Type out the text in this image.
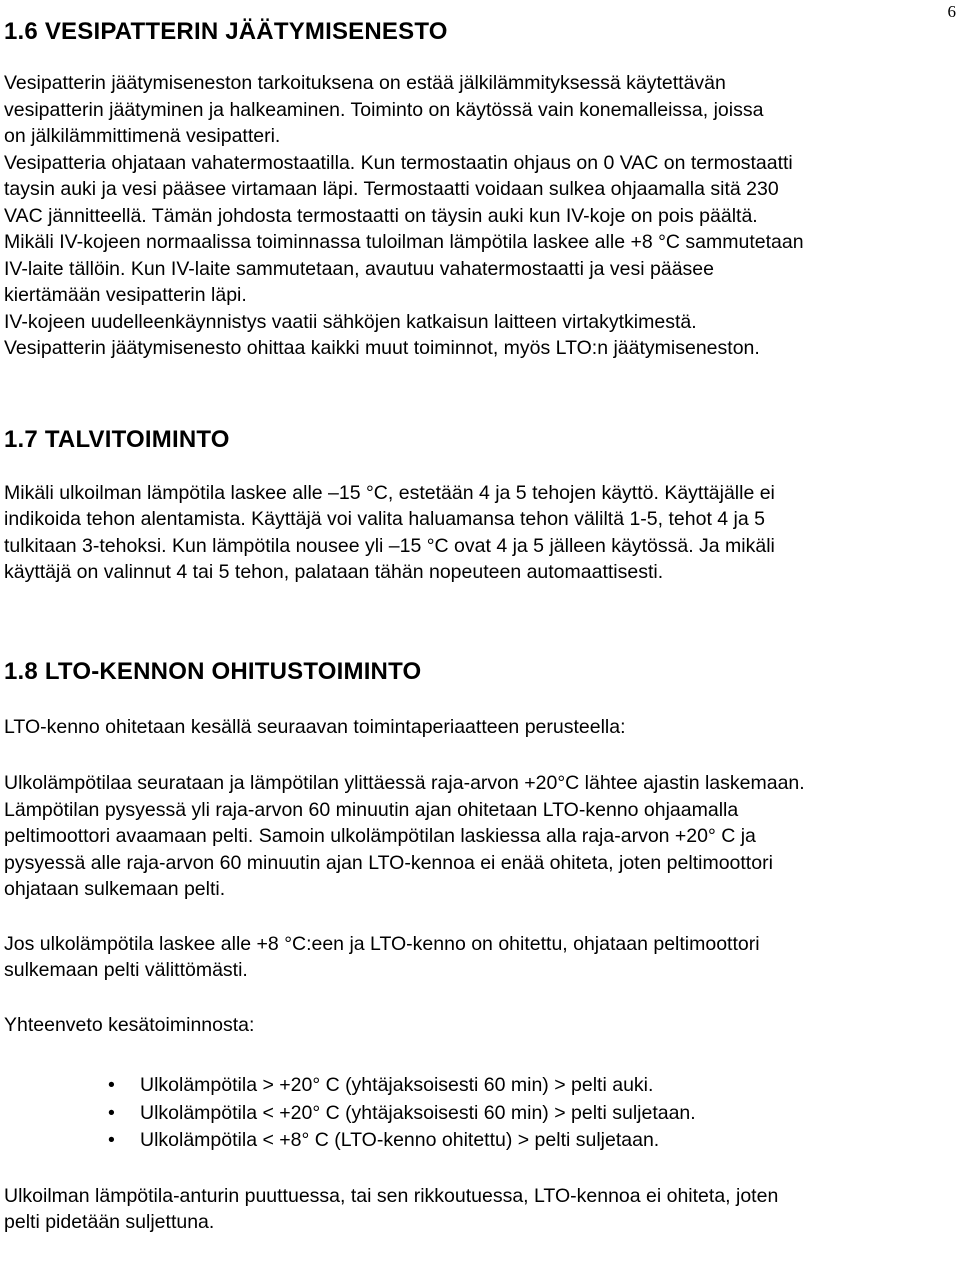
6
1.6 VESIPATTERIN JÄÄTYMISENESTO

Vesipatterin jäätymiseneston tarkoituksena on estää jälkilämmityksessä käytettävän
vesipatterin jäätyminen ja halkeaminen. Toiminto on käytössä vain konemalleissa, joissa
on jälkilämmittimenä vesipatteri.
Vesipatteria ohjataan vahatermostaatilla. Kun termostaatin ohjaus on 0 VAC on termostaatti
taysin auki ja vesi pääsee virtamaan läpi. Termostaatti voidaan sulkea ohjaamalla sitä 230
VAC jännitteellä. Tämän johdosta termostaatti on täysin auki kun IV-koje on pois päältä.
Mikäli IV-kojeen normaalissa toiminnassa tuloilman lämpötila laskee alle +8 °C sammutetaan
IV-laite tällöin. Kun IV-laite sammutetaan, avautuu vahatermostaatti ja vesi pääsee
kiertämään vesipatterin läpi.
IV-kojeen uudelleenkäynnistys vaatii sähköjen katkaisun laitteen virtakytkimestä.
Vesipatterin jäätymisenesto ohittaa kaikki muut toiminnot, myös LTO:n jäätymiseneston.

1.7 TALVITOIMINTO

Mikäli ulkoilman lämpötila laskee alle –15 °C, estetään 4 ja 5 tehojen käyttö. Käyttäjälle ei
indikoida tehon alentamista. Käyttäjä voi valita haluamansa tehon väliltä 1-5, tehot 4 ja 5
tulkitaan 3-tehoksi. Kun lämpötila nousee yli –15 °C ovat 4 ja 5 jälleen käytössä. Ja mikäli
käyttäjä on valinnut 4 tai 5 tehon, palataan tähän nopeuteen automaattisesti.

1.8 LTO-KENNON OHITUSTOIMINTO

LTO-kenno ohitetaan kesällä seuraavan toimintaperiaatteen perusteella:

Ulkolämpötilaa seurataan ja lämpötilan ylittäessä raja-arvon +20°C lähtee ajastin laskemaan.
Lämpötilan pysyessä yli raja-arvon 60 minuutin ajan ohitetaan LTO-kenno ohjaamalla
peltimoottori avaamaan pelti. Samoin ulkolämpötilan laskiessa alla raja-arvon +20° C ja
pysyessä alle raja-arvon 60 minuutin ajan LTO-kennoa ei enää ohiteta, joten peltimoottori
ohjataan sulkemaan pelti.

Jos ulkolämpötila laskee alle +8 °C:een ja LTO-kenno on ohitettu, ohjataan peltimoottori
sulkemaan pelti välittömästi.

Yhteenveto kesätoiminnosta:

• Ulkolämpötila > +20° C (yhtäjaksoisesti 60 min) > pelti auki.
• Ulkolämpötila < +20° C (yhtäjaksoisesti 60 min) > pelti suljetaan.
• Ulkolämpötila < +8° C (LTO-kenno ohitettu) > pelti suljetaan.

Ulkoilman lämpötila-anturin puuttuessa, tai sen rikkoutuessa, LTO-kennoa ei ohiteta, joten
pelti pidetään suljettuna.
